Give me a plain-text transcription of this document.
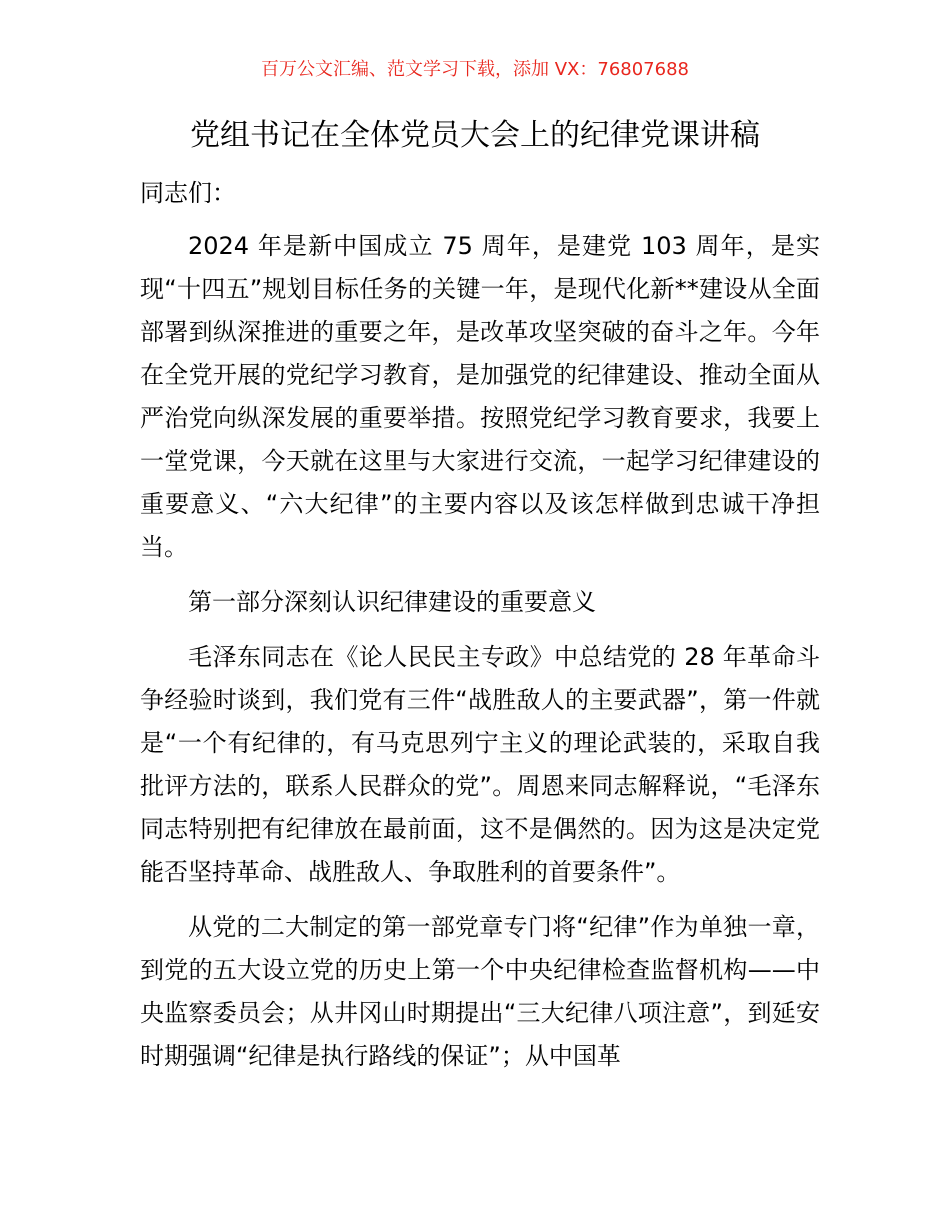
百万公文汇编、范文学习下载，添加 VX：76807688
党组书记在全体党员大会上的纪律党课讲稿

同志们：

2024 年是新中国成立 75 周年，是建党 103 周年，是实现“十四五”规划目标任务的关键一年，是现代化新**建设从全面部署到纵深推进的重要之年，是改革攻坚突破的奋斗之年。今年在全党开展的党纪学习教育，是加强党的纪律建设、推动全面从严治党向纵深发展的重要举措。按照党纪学习教育要求，我要上一堂党课，今天就在这里与大家进行交流，一起学习纪律建设的重要意义、“六大纪律”的主要内容以及该怎样做到忠诚干净担当。

第一部分深刻认识纪律建设的重要意义

毛泽东同志在《论人民民主专政》中总结党的 28 年革命斗争经验时谈到，我们党有三件“战胜敌人的主要武器”，第一件就是“一个有纪律的，有马克思列宁主义的理论武装的，采取自我批评方法的，联系人民群众的党”。周恩来同志解释说，“毛泽东同志特别把有纪律放在最前面，这不是偶然的。因为这是决定党能否坚持革命、战胜敌人、争取胜利的首要条件”。

从党的二大制定的第一部党章专门将“纪律”作为单独一章，到党的五大设立党的历史上第一个中央纪律检查监督机构——中央监察委员会；从井冈山时期提出“三大纪律八项注意”，到延安时期强调“纪律是执行路线的保证”；从中国革
